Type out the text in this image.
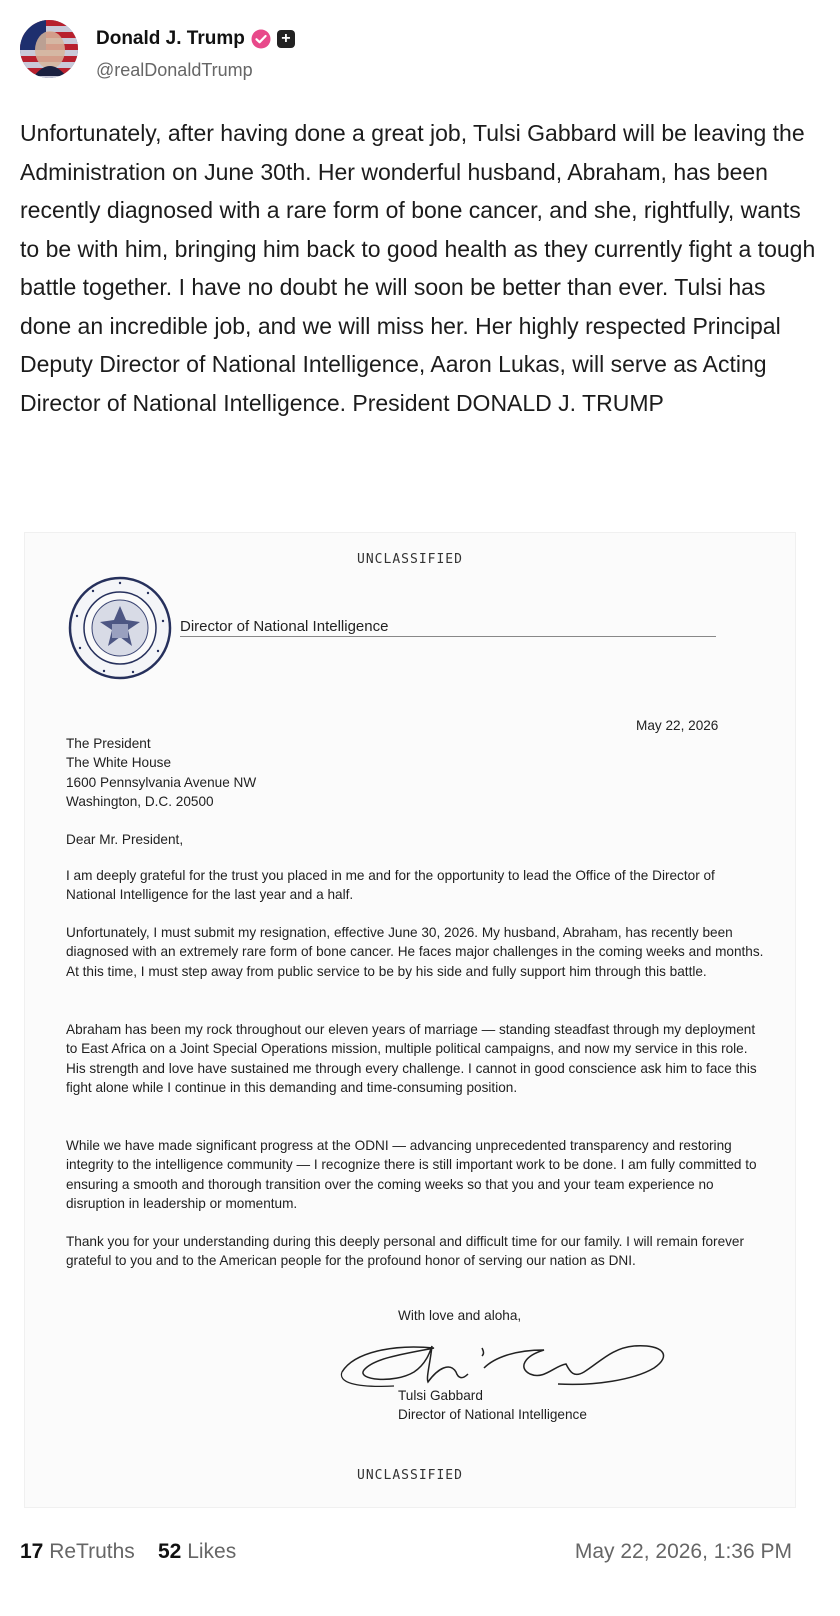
Donald J. Trump +
@realDonaldTrump
Unfortunately, after having done a great job, Tulsi Gabbard will be leaving the Administration on June 30th. Her wonderful husband, Abraham, has been recently diagnosed with a rare form of bone cancer, and she, rightfully, wants to be with him, bringing him back to good health as they currently fight a tough battle together. I have no doubt he will soon be better than ever. Tulsi has done an incredible job, and we will miss her. Her highly respected Principal Deputy Director of National Intelligence, Aaron Lukas, will serve as Acting Director of National Intelligence. President DONALD J. TRUMP
UNCLASSIFIED
Director of National Intelligence
May 22, 2026
The President
The White House
1600 Pennsylvania Avenue NW
Washington, D.C. 20500
Dear Mr. President,
I am deeply grateful for the trust you placed in me and for the opportunity to lead the Office of the Director of National Intelligence for the last year and a half.
Unfortunately, I must submit my resignation, effective June 30, 2026. My husband, Abraham, has recently been diagnosed with an extremely rare form of bone cancer. He faces major challenges in the coming weeks and months. At this time, I must step away from public service to be by his side and fully support him through this battle.
Abraham has been my rock throughout our eleven years of marriage — standing steadfast through my deployment to East Africa on a Joint Special Operations mission, multiple political campaigns, and now my service in this role. His strength and love have sustained me through every challenge. I cannot in good conscience ask him to face this fight alone while I continue in this demanding and time-consuming position.
While we have made significant progress at the ODNI — advancing unprecedented transparency and restoring integrity to the intelligence community — I recognize there is still important work to be done. I am fully committed to ensuring a smooth and thorough transition over the coming weeks so that you and your team experience no disruption in leadership or momentum.
Thank you for your understanding during this deeply personal and difficult time for our family. I will remain forever grateful to you and to the American people for the profound honor of serving our nation as DNI.
With love and aloha,
Tulsi Gabbard
Director of National Intelligence
UNCLASSIFIED
17 ReTruths 52 Likes	May 22, 2026, 1:36 PM
